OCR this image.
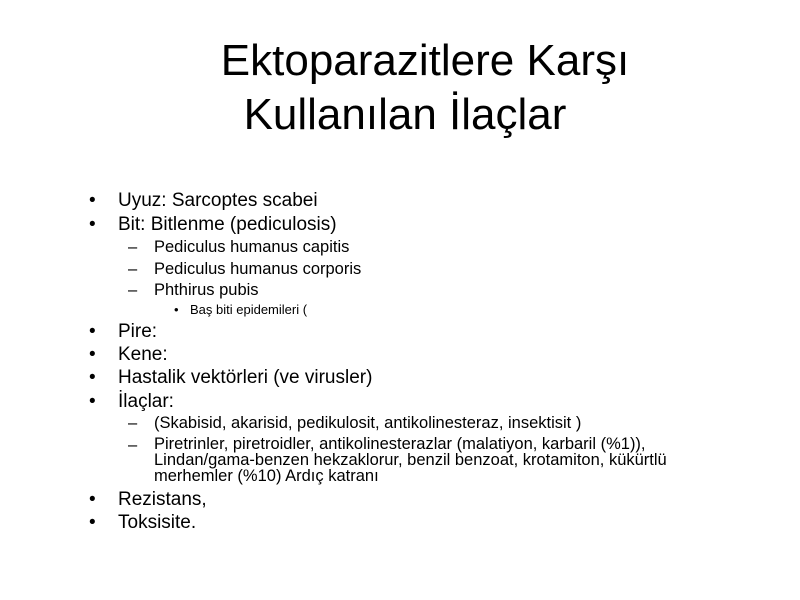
Ektoparazitlere Karşı
Kullanılan İlaçlar
• Uyuz: Sarcoptes scabei
• Bit: Bitlenme (pediculosis)
– Pediculus humanus capitis
– Pediculus humanus corporis
– Phthirus pubis
• Baş biti epidemileri (
• Pire:
• Kene:
• Hastalik vektörleri (ve virusler)
• İlaçlar:
– (Skabisid, akarisid, pedikulosit, antikolinesteraz, insektisit )
– Piretrinler, piretroidler, antikolinesterazlar (malatiyon, karbaril (%1)), Lindan/gama-benzen hekzaklorur, benzil benzoat, krotamiton, kükürtlü merhemler (%10) Ardıç katranı
• Rezistans,
• Toksisite.
